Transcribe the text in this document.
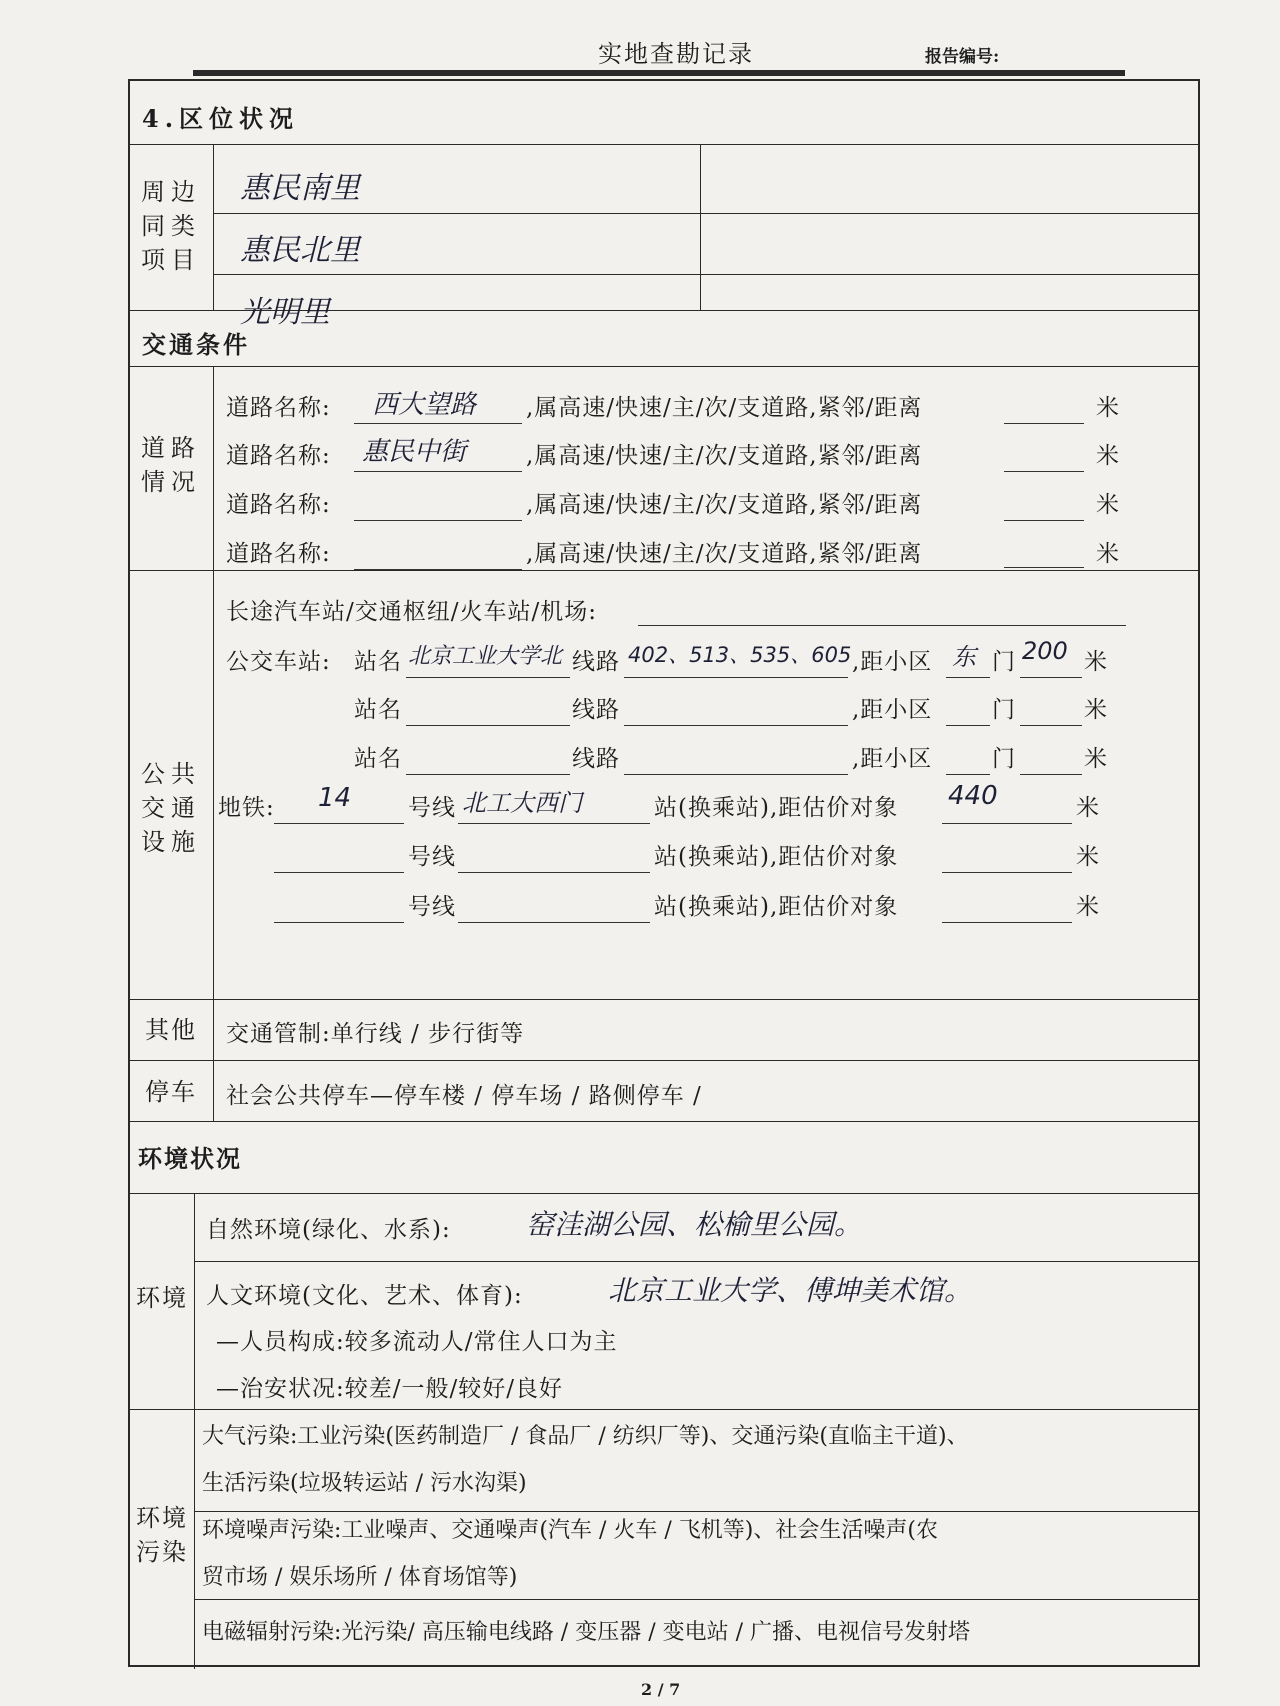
实地查勘记录	报告编号:
4.区位状况
周边
同类
项目
惠民南里
惠民北里
光明里
交通条件
道路
情况
道路名称: 西大望路 ,属高速/快速/主/次/支道路,紧邻/距离	米
道路名称: 惠民中街	,属高速/快速/主/次/支道路,紧邻/距离	米
道路名称:	,属高速/快速/主/次/支道路,紧邻/距离	米
道路名称:	,属高速/快速/主/次/支道路,紧邻/距离	米
公共
交通
设施
长途汽车站/交通枢纽/火车站/机场:
公交车站: 站名 北京工业大学北 线路 402、513、535、605 ,距小区 东 门 200 米
站名	线路	,距小区	门	米
站名	线路	,距小区	门	米
地铁: 14 号线 北工大西门	站(换乘站),距估价对象 440	米
号线	站(换乘站),距估价对象	米
号线	站(换乘站),距估价对象	米
其他	交通管制:单行线 / 步行街等
停车	社会公共停车—停车楼 / 停车场 / 路侧停车 /
环境状况
环境
自然环境(绿化、水系):	窑洼湖公园、松榆里公园。
人文环境(文化、艺术、体育):	北京工业大学、傅坤美术馆。
—人员构成:较多流动人/常住人口为主
—治安状况:较差/一般/较好/良好
环境
污染
大气污染:工业污染(医药制造厂 / 食品厂 / 纺织厂等)、交通污染(直临主干道)、
生活污染(垃圾转运站 / 污水沟渠)
环境噪声污染:工业噪声、交通噪声(汽车 / 火车 / 飞机等)、社会生活噪声(农
贸市场 / 娱乐场所 / 体育场馆等)
电磁辐射污染:光污染/ 高压输电线路 / 变压器 / 变电站 / 广播、电视信号发射塔
2 / 7
